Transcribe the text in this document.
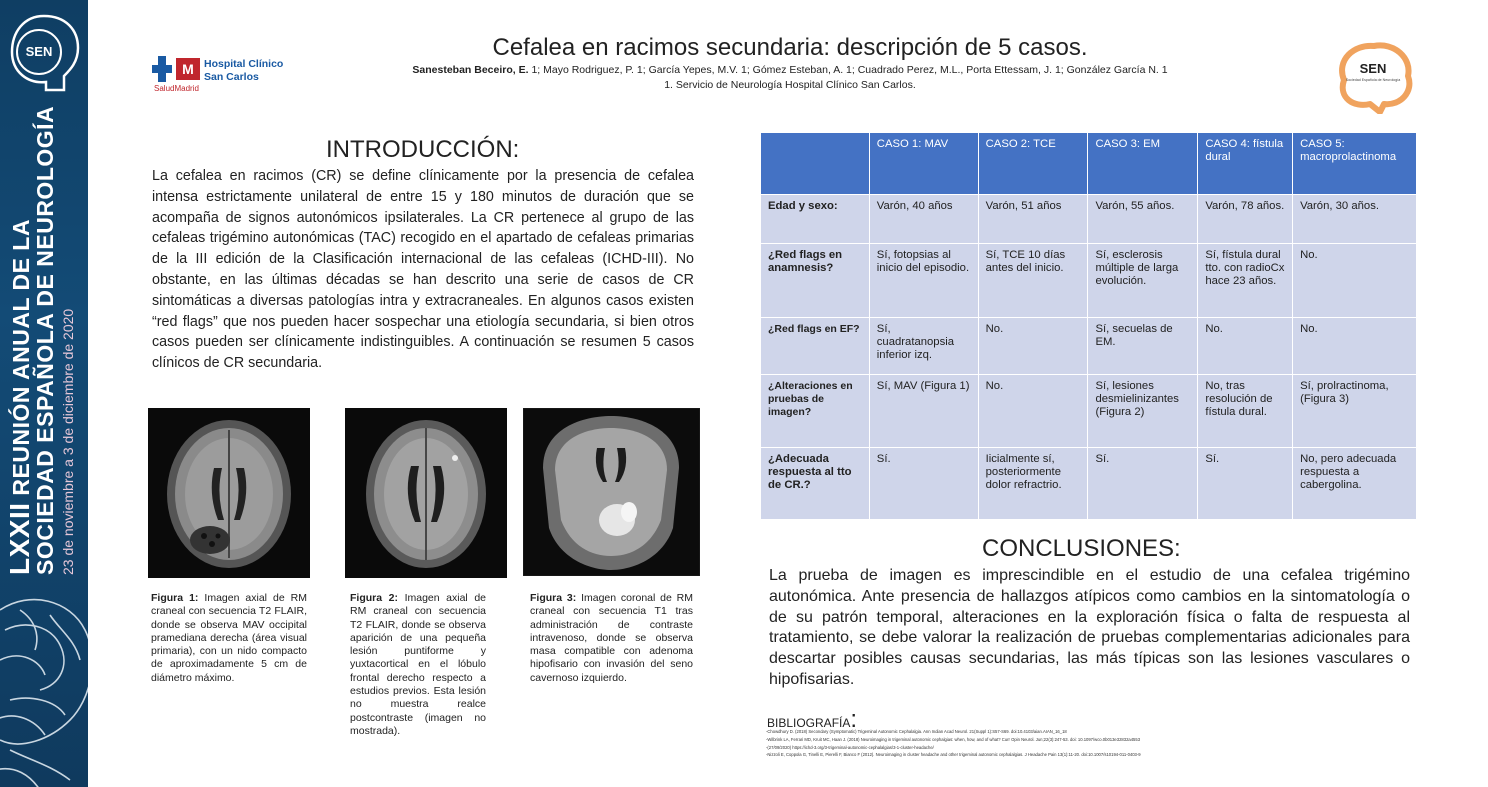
SEN
LXXII REUNIÓN ANUAL DE LA
SOCIEDAD ESPAÑOLA DE NEUROLOGÍA 23 de noviembre a 3 de diciembre de 2020
M Hospital Clínico
San Carlos
SaludMadrid
Cefalea en racimos secundaria: descripción de 5 casos.
Sanesteban Beceiro, E. 1; Mayo Rodriguez, P. 1; García Yepes, M.V. 1; Gómez Esteban, A. 1; Cuadrado Perez, M.L., Porta Ettessam, J. 1; González García N. 1
1. Servicio de Neurología Hospital Clínico San Carlos.
SEN
Sociedad Española de Neurología
INTRODUCCIÓN:
La cefalea en racimos (CR) se define clínicamente por la presencia de cefalea intensa estrictamente unilateral de entre 15 y 180 minutos de duración que se acompaña de signos autonómicos ipsilaterales. La CR pertenece al grupo de las cefaleas trigémino autonómicas (TAC) recogido en el apartado de cefaleas primarias de la III edición de la Clasificación internacional de las cefaleas (ICHD-III). No obstante, en las últimas décadas se han descrito una serie de casos de CR sintomáticas a diversas patologías intra y extracraneales. En algunos casos existen “red flags” que nos pueden hacer sospechar una etiología secundaria, si bien otros casos pueden ser clínicamente indistinguibles. A continuación se resumen 5 casos clínicos de CR secundaria.
Figura 1: Imagen axial de RM craneal con secuencia T2 FLAIR, donde se observa MAV occipital pramediana derecha (área visual primaria), con un nido compacto de aproximadamente 5 cm de diámetro máximo.
Figura 2: Imagen axial de RM craneal con secuencia T2 FLAIR, donde se observa aparición de una pequeña lesión puntiforme y yuxtacortical en el lóbulo frontal derecho respecto a estudios previos. Esta lesión no muestra realce postcontraste (imagen no mostrada).
Figura 3: Imagen coronal de RM craneal con secuencia T1 tras administración de contraste intravenoso, donde se observa masa compatible con adenoma hipofisario con invasión del seno cavernoso izquierdo.
	CASO 1: MAV	CASO 2: TCE	CASO 3: EM	CASO 4: fístula dural	CASO 5: macroprolactinoma
Edad y sexo:	Varón, 40 años	Varón, 51 años	Varón, 55 años.	Varón, 78 años.	Varón, 30 años.
¿Red flags en anamnesis?	Sí, fotopsias al inicio del episodio.	Sí, TCE 10 días antes del inicio.	Sí, esclerosis múltiple de larga evolución.	Sí, fístula dural tto. con radioCx hace 23 años.	No.
¿Red flags en EF?	Sí, cuadratanopsia inferior izq.	No.	Sí, secuelas de EM.	No.	No.
¿Alteraciones en pruebas de imagen?	Sí, MAV (Figura 1)	No.	Sí, lesiones desmielinizantes (Figura 2)	No, tras resolución de fístula dural.	Sí, prolractinoma, (Figura 3)
¿Adecuada respuesta al tto de CR.?	Sí.	Iicialmente sí, posteriormente dolor refractrio.	Sí.	Sí.	No, pero adecuada respuesta a cabergolina.
CONCLUSIONES:
La prueba de imagen es imprescindible en el estudio de una cefalea trigémino autonómica. Ante presencia de hallazgos atípicos como cambios en la sintomatología o de su patrón temporal, alteraciones en la exploración física o falta de respuesta al tratamiento, se debe valorar la realización de pruebas complementarias adicionales para descartar posibles causas secundarias, las más típicas son las lesiones vasculares o hipofisarias.
BIBLIOGRAFÍA:
-Chowdhury D. (2018) Secondary (Symptomatic) Trigeminal Autonomic Cephalalgia. Ann Indian Acad Neurol. 21(Suppl 1):S57-S69. doi:10.4103/aian.AIAN_16_18
-Wilbrink LA, Ferrari MD, Kruit MC, Haan J. (2018) Neuroimaging in trigeminal autonomic cephalgias: when, how, and of what? Curr Opin Neurol. Jun;22(3):247-53. doi: 10.1097/wco.0b013e32832a4553
-(27/09/2020) https://ichd-3.org/3-trigeminal-autonomic-cephalalgias/3-1-cluster-headache/
-Nizzoli E, Coppola G, Tinelli E, Pierelli F, Bianco F (2012). Neuroimaging in cluster headache and other trigeminal autonomic cephalalgias. J Headache Pain 13(1):11-20. doi:10.1007/s10194-011-0403-9
